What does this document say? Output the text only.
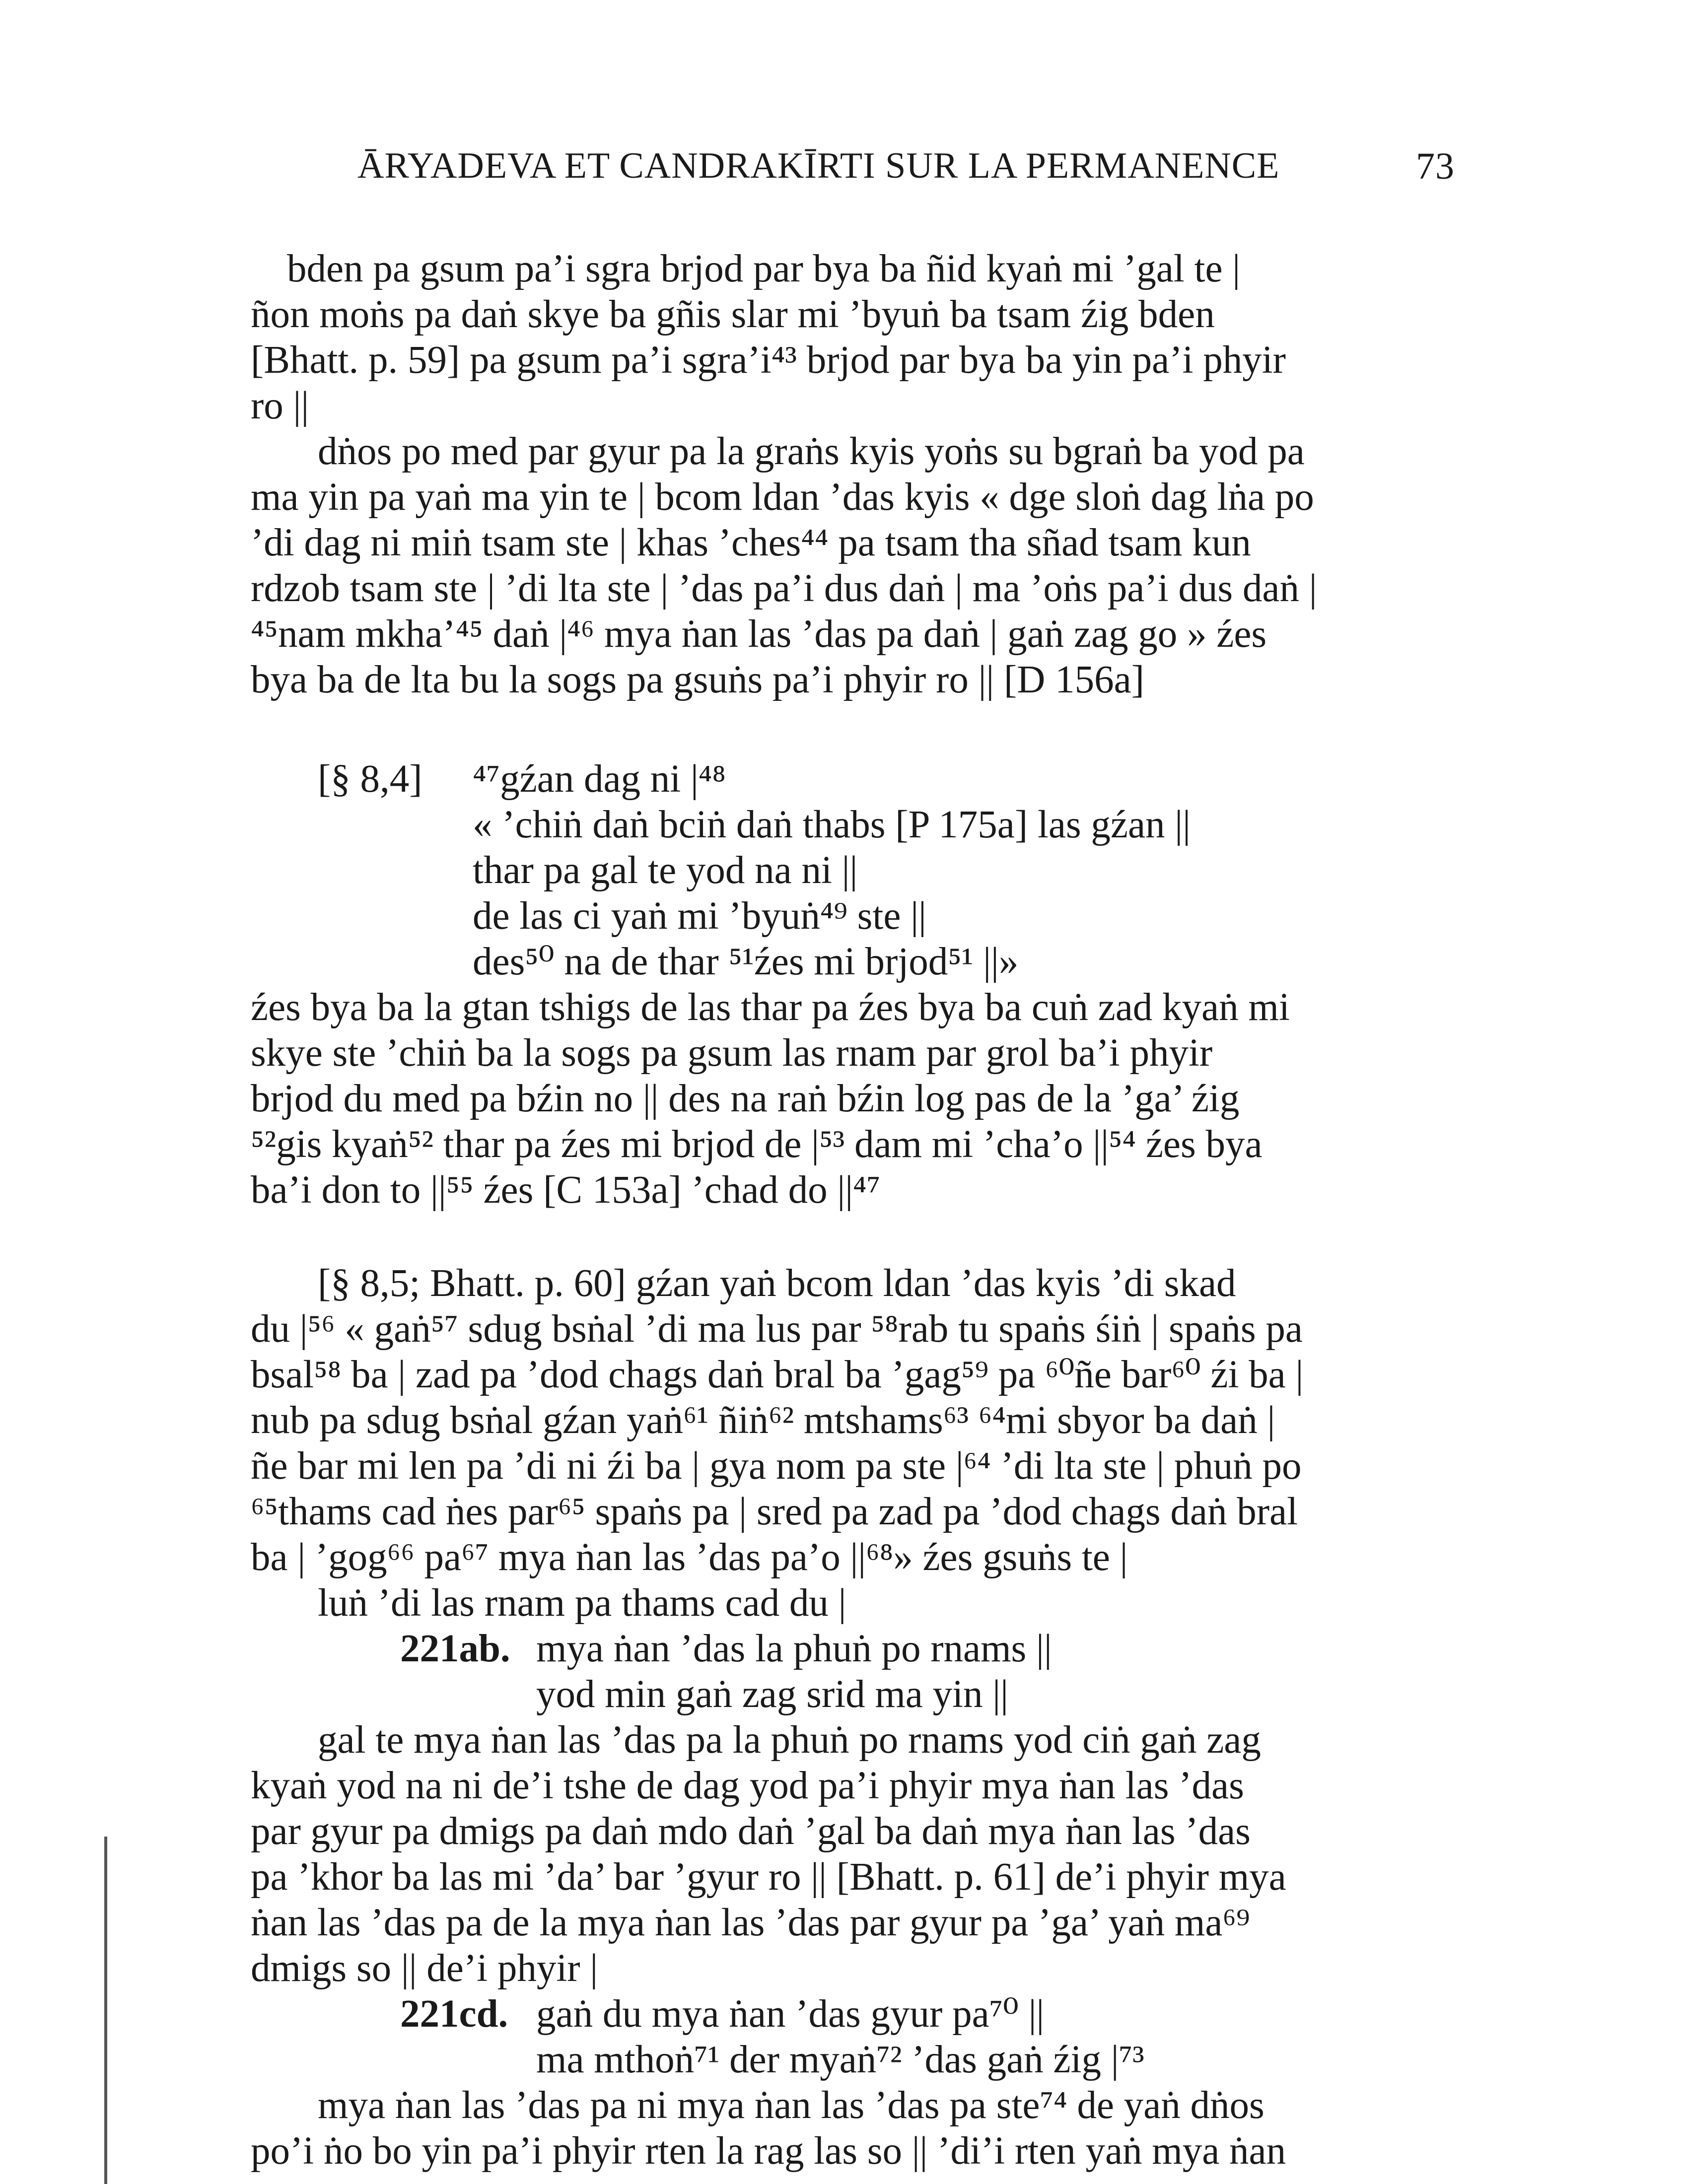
ĀRYADEVA ET CANDRAKĪRTI SUR LA PERMANENCE	73
bden pa gsum pa’i sgra brjod par bya ba ñid kyaṅ mi ’gal te |
ñon moṅs pa daṅ skye ba gñis slar mi ’byuṅ ba tsam źig bden
[Bhatt. p. 59] pa gsum pa’i sgra’i⁴³ brjod par bya ba yin pa’i phyir
ro ||
dṅos po med par gyur pa la graṅs kyis yoṅs su bgraṅ ba yod pa
ma yin pa yaṅ ma yin te | bcom ldan ’das kyis « dge sloṅ dag lṅa po
’di dag ni miṅ tsam ste | khas ’ches⁴⁴ pa tsam tha sñad tsam kun
rdzob tsam ste | ’di lta ste | ’das pa’i dus daṅ | ma ’oṅs pa’i dus daṅ |
⁴⁵nam mkha’⁴⁵ daṅ |⁴⁶ mya ṅan las ’das pa daṅ | gaṅ zag go » źes
bya ba de lta bu la sogs pa gsuṅs pa’i phyir ro || [D 156a]
[§ 8,4] ⁴⁷gźan dag ni |⁴⁸
« ’chiṅ daṅ bciṅ daṅ thabs [P 175a] las gźan ||
thar pa gal te yod na ni ||
de las ci yaṅ mi ’byuṅ⁴⁹ ste ||
des⁵⁰ na de thar ⁵¹źes mi brjod⁵¹ ||»
źes bya ba la gtan tshigs de las thar pa źes bya ba cuṅ zad kyaṅ mi
skye ste ’chiṅ ba la sogs pa gsum las rnam par grol ba’i phyir
brjod du med pa bźin no || des na raṅ bźin log pas de la ’ga’ źig
⁵²gis kyaṅ⁵² thar pa źes mi brjod de |⁵³ dam mi ’cha’o ||⁵⁴ źes bya
ba’i don to ||⁵⁵ źes [C 153a] ’chad do ||⁴⁷
[§ 8,5; Bhatt. p. 60] gźan yaṅ bcom ldan ’das kyis ’di skad
du |⁵⁶ « gaṅ⁵⁷ sdug bsṅal ’di ma lus par ⁵⁸rab tu spaṅs śiṅ | spaṅs pa
bsal⁵⁸ ba | zad pa ’dod chags daṅ bral ba ’gag⁵⁹ pa ⁶⁰ñe bar⁶⁰ źi ba |
nub pa sdug bsṅal gźan yaṅ⁶¹ ñiṅ⁶² mtshams⁶³ ⁶⁴mi sbyor ba daṅ |
ñe bar mi len pa ’di ni źi ba | gya nom pa ste |⁶⁴ ’di lta ste | phuṅ po
⁶⁵thams cad ṅes par⁶⁵ spaṅs pa | sred pa zad pa ’dod chags daṅ bral
ba | ’gog⁶⁶ pa⁶⁷ mya ṅan las ’das pa’o ||⁶⁸» źes gsuṅs te |
luṅ ’di las rnam pa thams cad du |
221ab. mya ṅan ’das la phuṅ po rnams ||
yod min gaṅ zag srid ma yin ||
gal te mya ṅan las ’das pa la phuṅ po rnams yod ciṅ gaṅ zag
kyaṅ yod na ni de’i tshe de dag yod pa’i phyir mya ṅan las ’das
par gyur pa dmigs pa daṅ mdo daṅ ’gal ba daṅ mya ṅan las ’das
pa ’khor ba las mi ’da’ bar ’gyur ro || [Bhatt. p. 61] de’i phyir mya
ṅan las ’das pa de la mya ṅan las ’das par gyur pa ’ga’ yaṅ ma⁶⁹
dmigs so || de’i phyir |
221cd. gaṅ du mya ṅan ’das gyur pa⁷⁰ ||
ma mthoṅ⁷¹ der myaṅ⁷² ’das gaṅ źig |⁷³
mya ṅan las ’das pa ni mya ṅan las ’das pa ste⁷⁴ de yaṅ dṅos
po’i ṅo bo yin pa’i phyir rten la rag las so || ’di’i rten yaṅ mya ṅan
